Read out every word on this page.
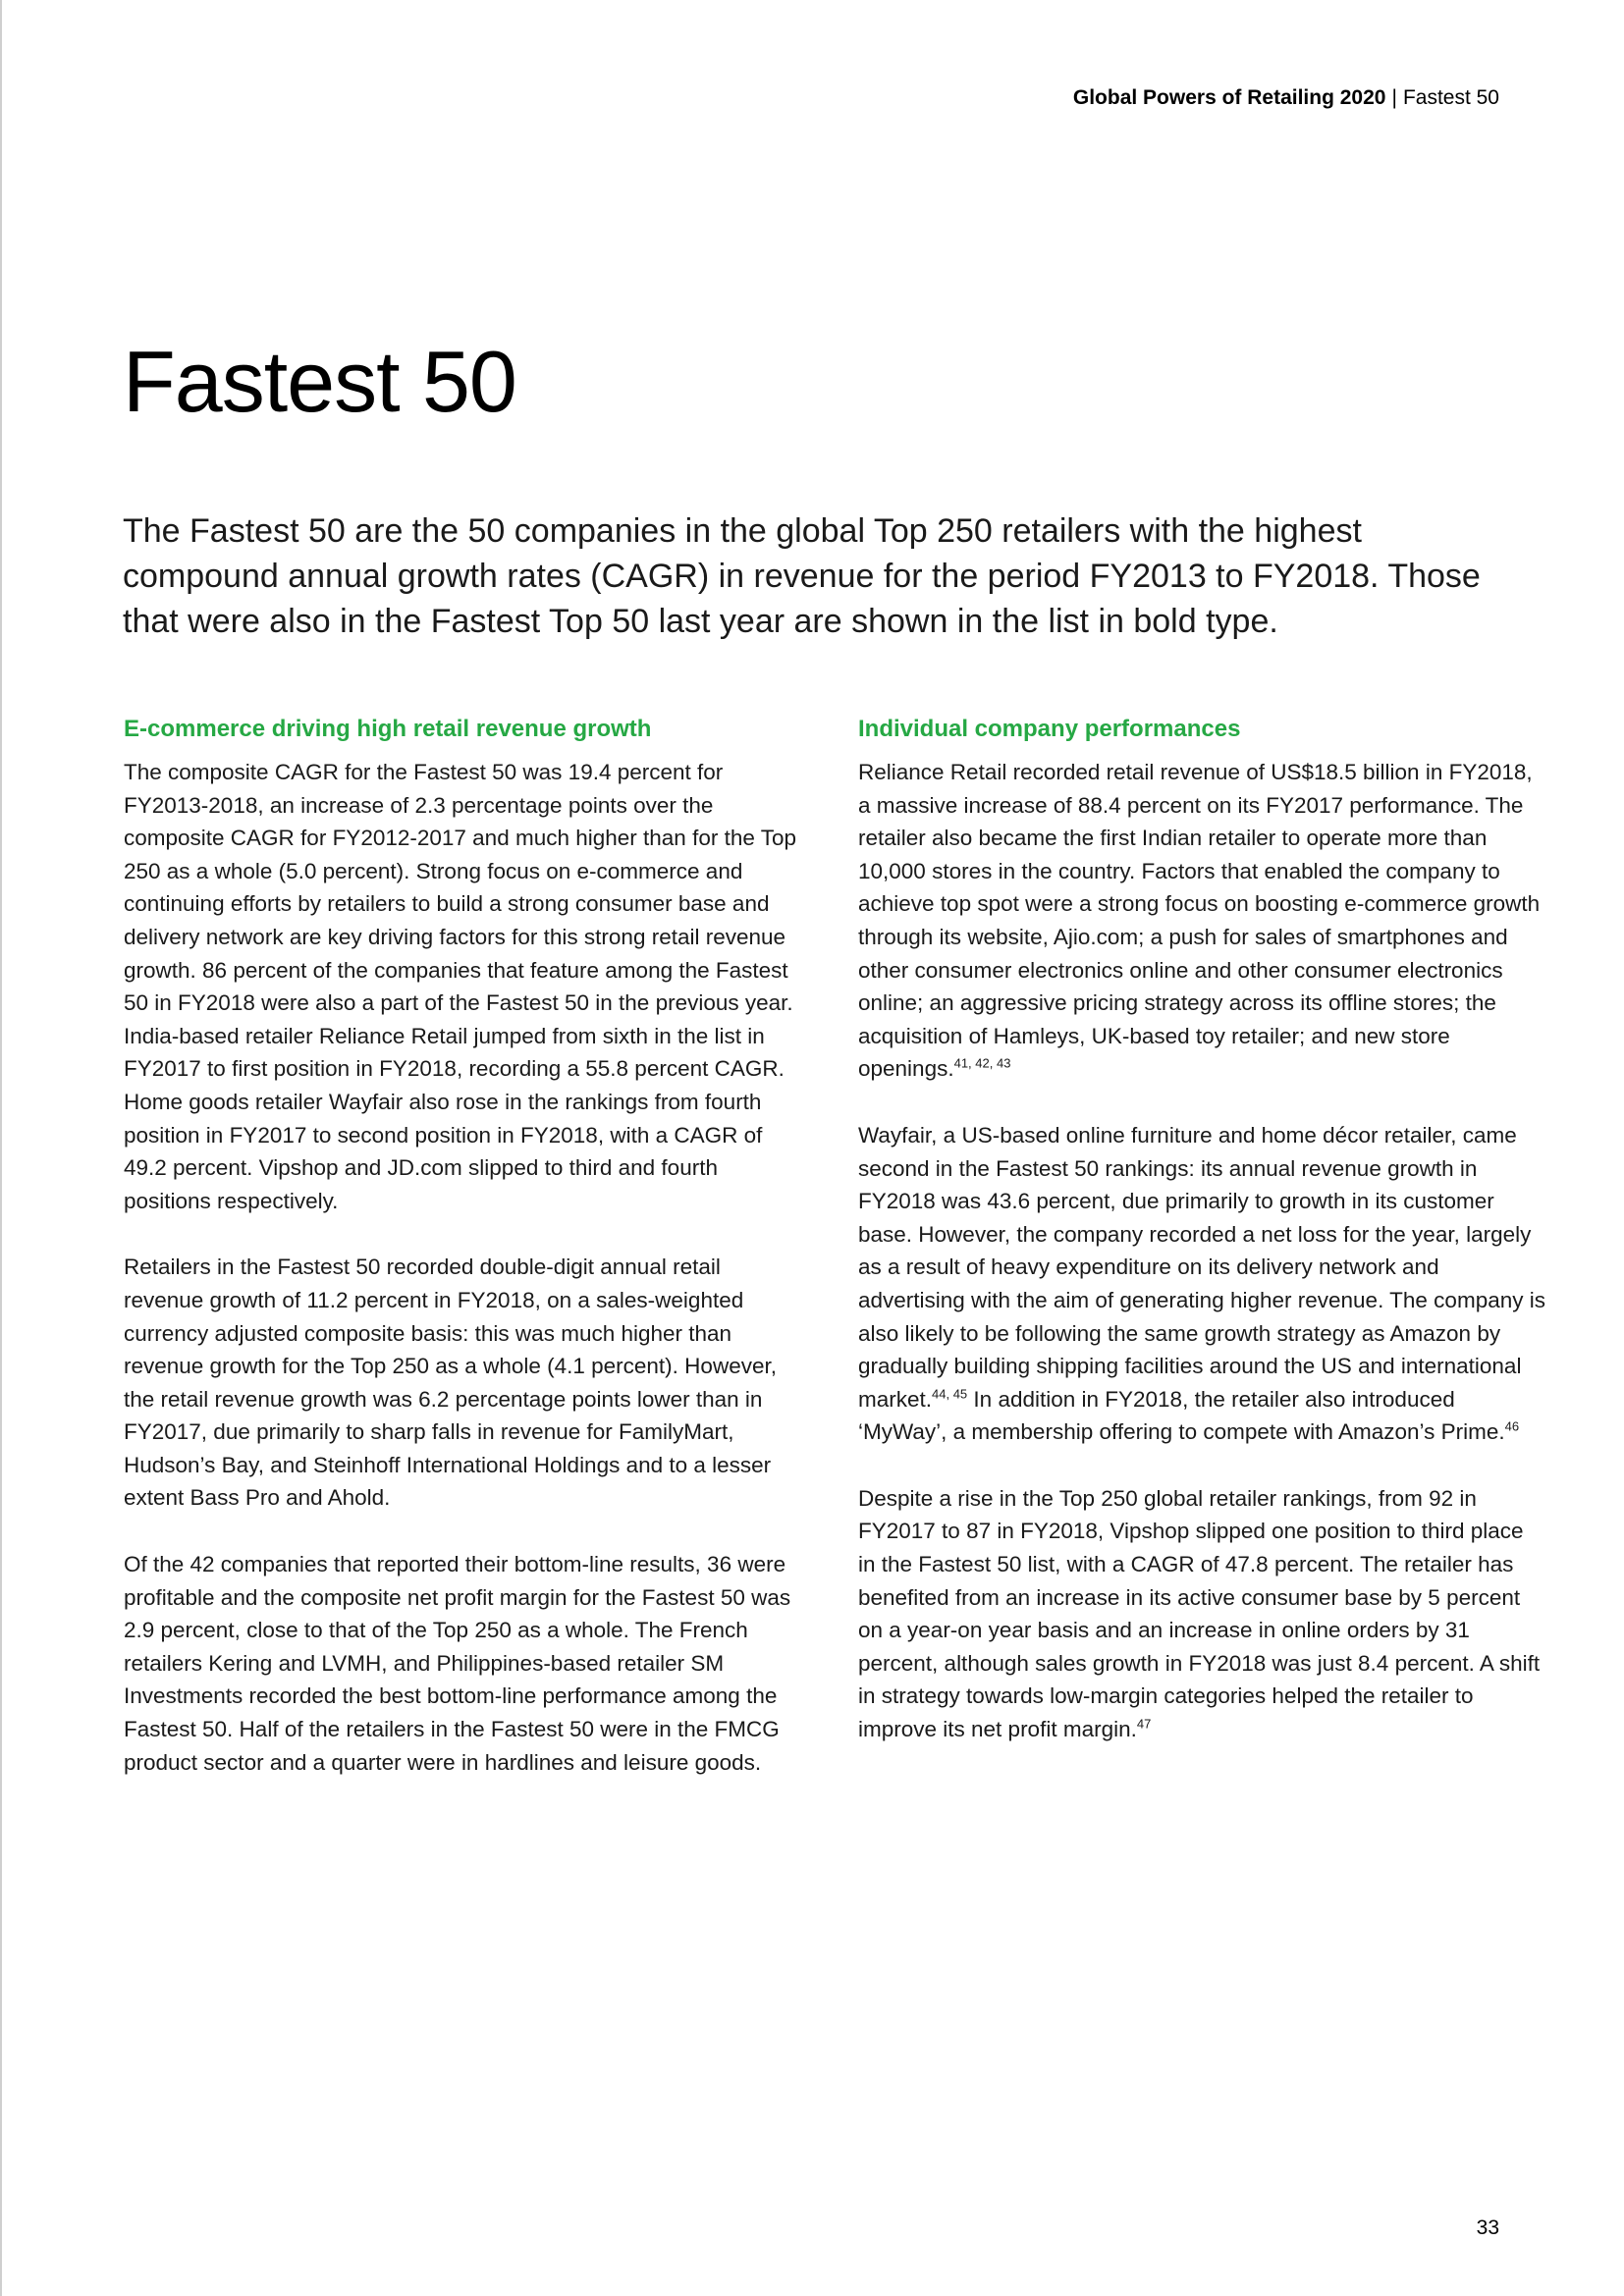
Global Powers of Retailing 2020 | Fastest 50
Fastest 50

The Fastest 50 are the 50 companies in the global Top 250 retailers with the highest compound annual growth rates (CAGR) in revenue for the period FY2013 to FY2018. Those that were also in the Fastest Top 50 last year are shown in the list in bold type.

E-commerce driving high retail revenue growth

The composite CAGR for the Fastest 50 was 19.4 percent for FY2013-2018, an increase of 2.3 percentage points over the composite CAGR for FY2012-2017 and much higher than for the Top 250 as a whole (5.0 percent). Strong focus on e-commerce and continuing efforts by retailers to build a strong consumer base and delivery network are key driving factors for this strong retail revenue growth. 86 percent of the companies that feature among the Fastest 50 in FY2018 were also a part of the Fastest 50 in the previous year. India-based retailer Reliance Retail jumped from sixth in the list in FY2017 to first position in FY2018, recording a 55.8 percent CAGR. Home goods retailer Wayfair also rose in the rankings from fourth position in FY2017 to second position in FY2018, with a CAGR of 49.2 percent. Vipshop and JD.com slipped to third and fourth positions respectively.

Retailers in the Fastest 50 recorded double-digit annual retail revenue growth of 11.2 percent in FY2018, on a sales-weighted currency adjusted composite basis: this was much higher than revenue growth for the Top 250 as a whole (4.1 percent). However, the retail revenue growth was 6.2 percentage points lower than in FY2017, due primarily to sharp falls in revenue for FamilyMart, Hudson’s Bay, and Steinhoff International Holdings and to a lesser extent Bass Pro and Ahold.

Of the 42 companies that reported their bottom-line results, 36 were profitable and the composite net profit margin for the Fastest 50 was 2.9 percent, close to that of the Top 250 as a whole. The French retailers Kering and LVMH, and Philippines-based retailer SM Investments recorded the best bottom-line performance among the Fastest 50. Half of the retailers in the Fastest 50 were in the FMCG product sector and a quarter were in hardlines and leisure goods.

Individual company performances

Reliance Retail recorded retail revenue of US$18.5 billion in FY2018, a massive increase of 88.4 percent on its FY2017 performance. The retailer also became the first Indian retailer to operate more than 10,000 stores in the country. Factors that enabled the company to achieve top spot were a strong focus on boosting e-commerce growth through its website, Ajio.com; a push for sales of smartphones and other consumer electronics online and other consumer electronics online; an aggressive pricing strategy across its offline stores; the acquisition of Hamleys, UK-based toy retailer; and new store openings.$^{41, 42, 43}$

Wayfair, a US-based online furniture and home décor retailer, came second in the Fastest 50 rankings: its annual revenue growth in FY2018 was 43.6 percent, due primarily to growth in its customer base. However, the company recorded a net loss for the year, largely as a result of heavy expenditure on its delivery network and advertising with the aim of generating higher revenue. The company is also likely to be following the same growth strategy as Amazon by gradually building shipping facilities around the US and international market.$^{44, 45}$ In addition in FY2018, the retailer also introduced ‘MyWay’, a membership offering to compete with Amazon’s Prime.$^{46}$

Despite a rise in the Top 250 global retailer rankings, from 92 in FY2017 to 87 in FY2018, Vipshop slipped one position to third place in the Fastest 50 list, with a CAGR of 47.8 percent. The retailer has benefited from an increase in its active consumer base by 5 percent on a year-on year basis and an increase in online orders by 31 percent, although sales growth in FY2018 was just 8.4 percent. A shift in strategy towards low-margin categories helped the retailer to improve its net profit margin.$^{47}$

33
